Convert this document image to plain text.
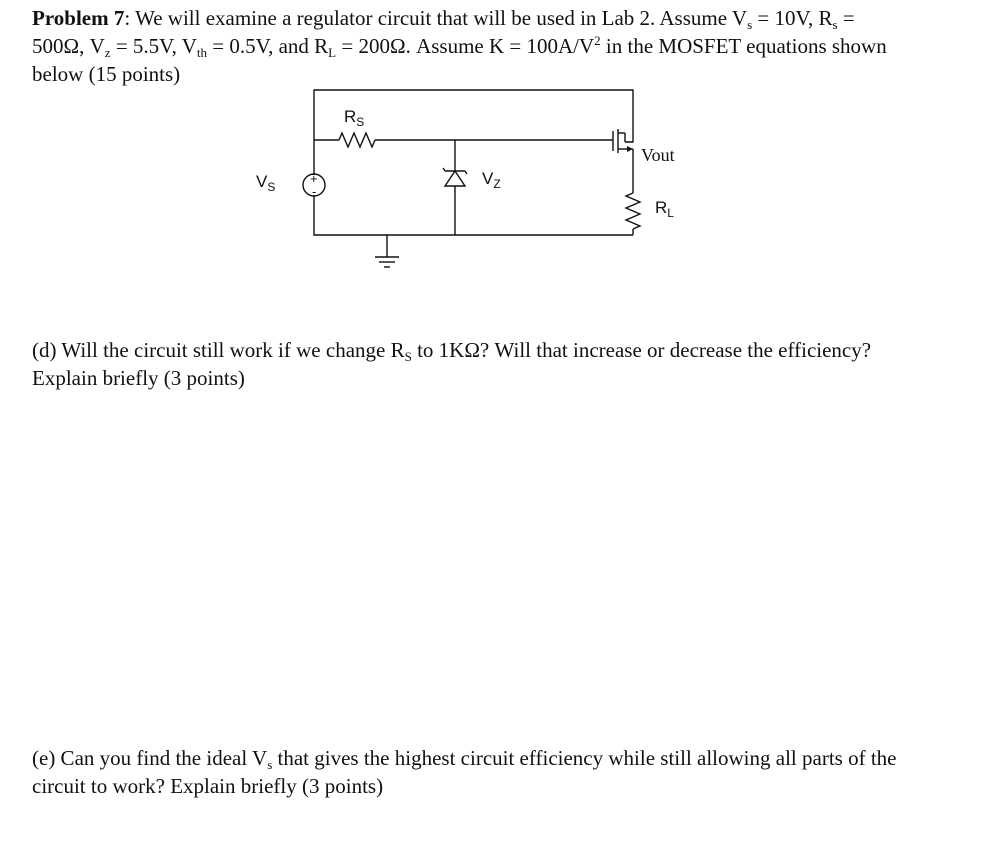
Problem 7: We will examine a regulator circuit that will be used in Lab 2. Assume $V_s = 10V$, $R_s$ =
500Ω, $V_z = 5.5V$, $V_{th} = 0.5V$, and $R_L = 200\Omega$. Assume $K = 100A/V^2$ in the MOSFET equations shown
below (15 points)
$R_S$
$V_S$
+
-
$V_Z$
Vout
$R_L$
(d) Will the circuit still work if we change $R_S$ to 1KΩ? Will that increase or decrease the efficiency?
Explain briefly (3 points)
(e) Can you find the ideal $V_s$ that gives the highest circuit efficiency while still allowing all parts of the
circuit to work? Explain briefly (3 points)
